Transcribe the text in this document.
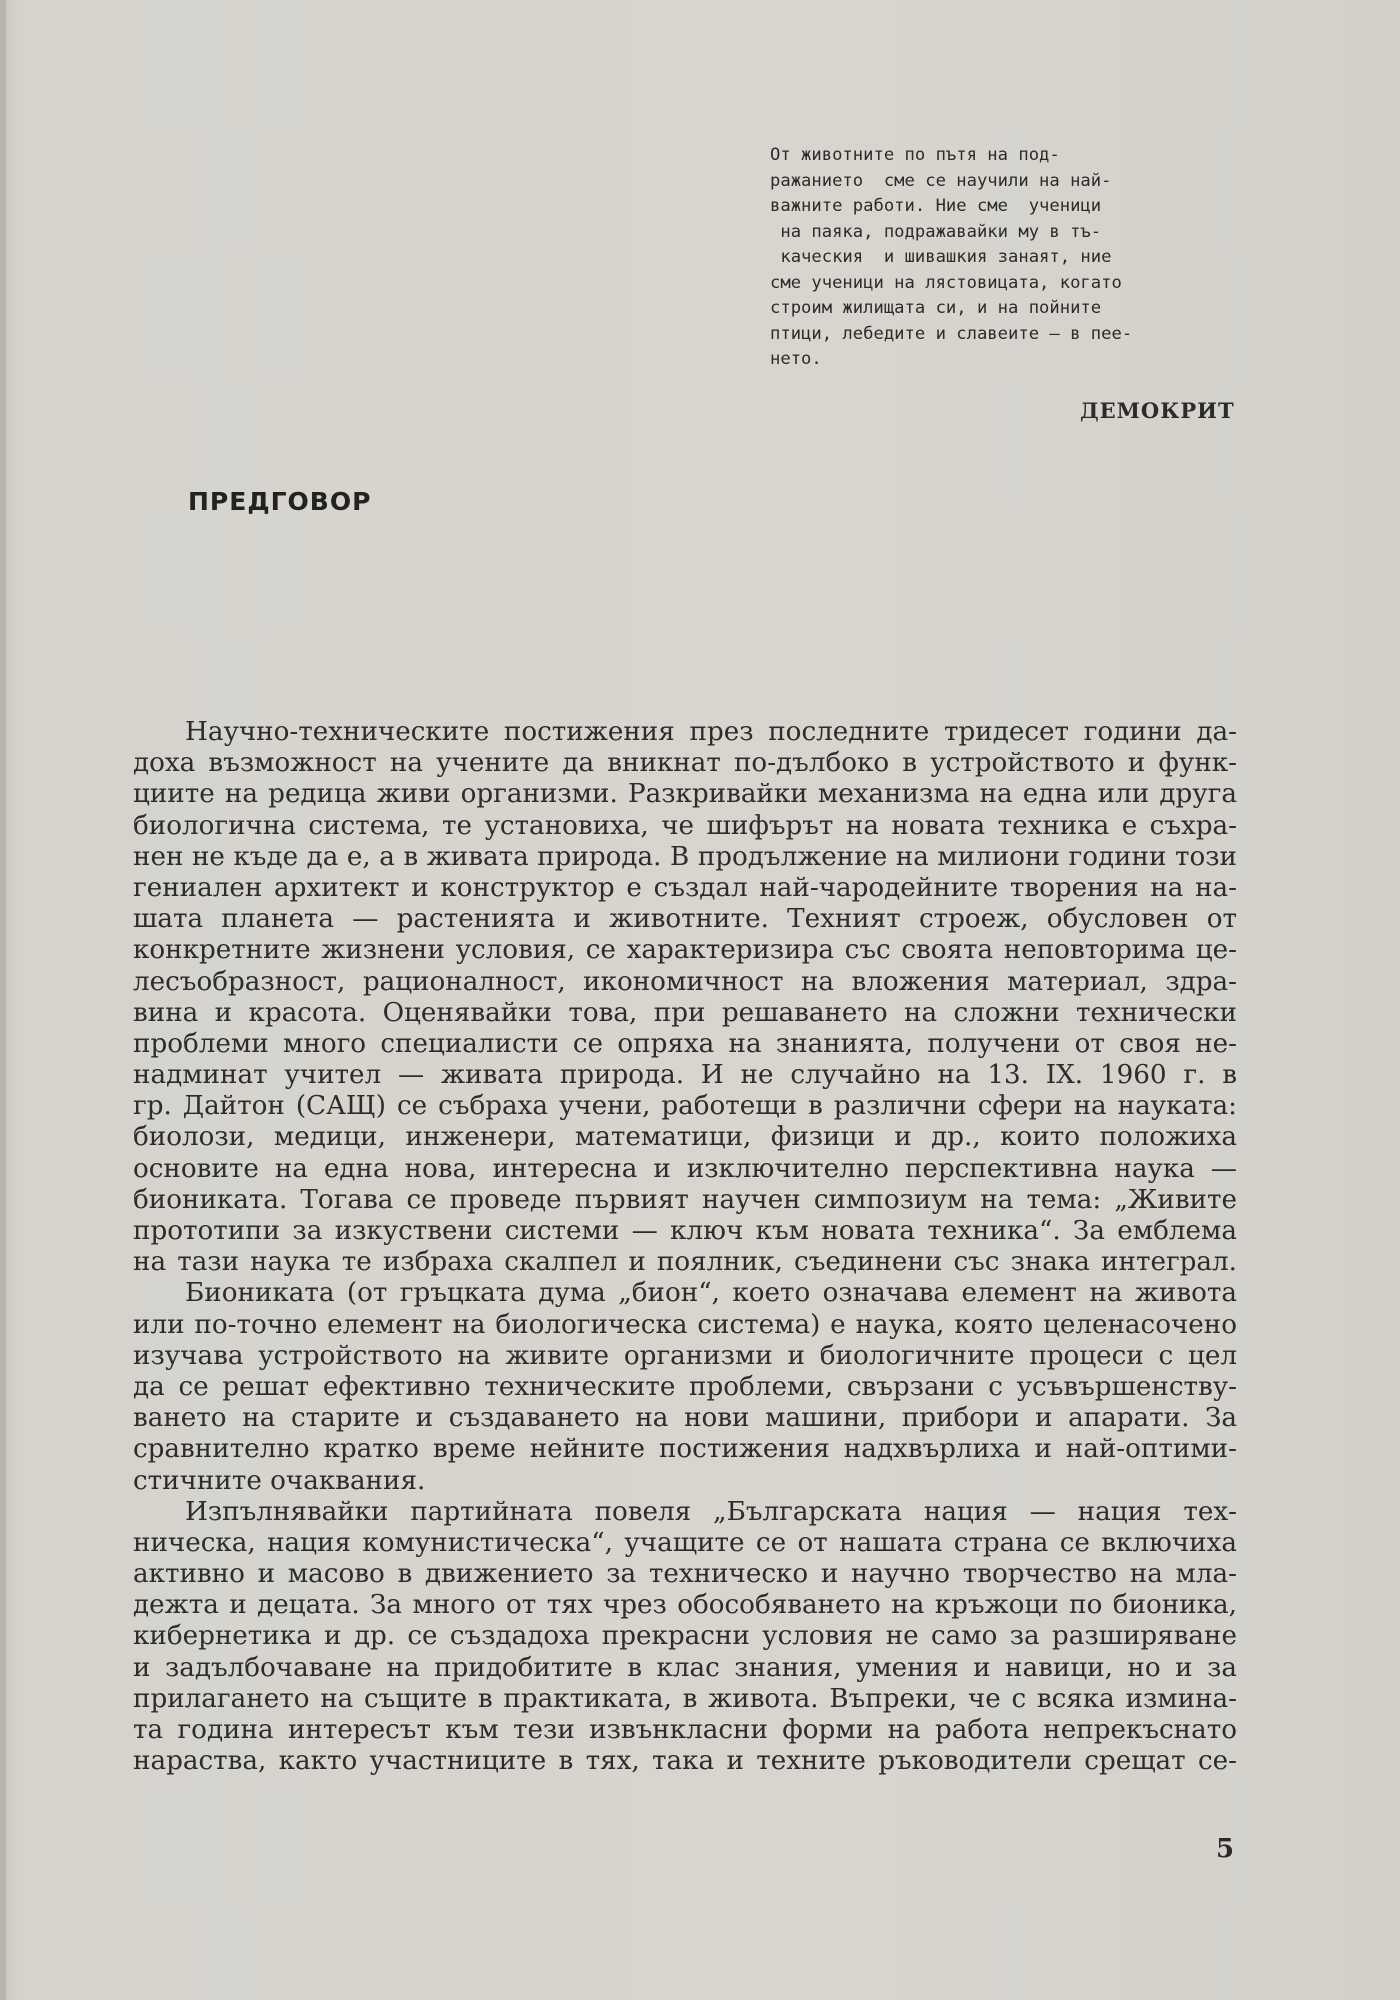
От животните по пътя на под-
ражанието  сме се научили на най-
важните работи. Ние сме  ученици
на паяка, подражавайки му в тъ-
каческия  и шивашкия занаят, ние
сме ученици на лястовицата, когато
строим жилищата си, и на пойните
птици, лебедите и славеите — в пее-
нето.
ДЕМОКРИТ
ПРЕДГОВОР
Научно-техническите постижения през последните тридесет години да-
доха възможност на учените да вникнат по-дълбоко в устройството и функ-
циите на редица живи организми. Разкривайки механизма на една или друга
биологична система, те установиха, че шифърът на новата техника е съхра-
нен не къде да е, а в живата природа. В продължение на милиони години този
гениален архитект и конструктор е създал най-чародейните творения на на-
шата планета — растенията и животните. Техният строеж, обусловен от
конкретните жизнени условия, се характеризира със своята неповторима це-
лесъобразност, рационалност, икономичност на вложения материал, здра-
вина и красота. Оценявайки това, при решаването на сложни технически
проблеми много специалисти се опряха на знанията, получени от своя не-
надминат учител — живата природа. И не случайно на 13. IX. 1960 г. в
гр. Дайтон (САЩ) се събраха учени, работещи в различни сфери на науката:
биолози, медици, инженери, математици, физици и др., които положиха
основите на една нова, интересна и изключително перспективна наука —
биониката. Тогава се проведе първият научен симпозиум на тема: „Живите
прототипи за изкуствени системи — ключ към новата техника“. За емблема
на тази наука те избраха скалпел и поялник, съединени със знака интеграл.
Биониката (от гръцката дума „бион“, което означава елемент на живота
или по-точно елемент на биологическа система) е наука, която целенасочено
изучава устройството на живите организми и биологичните процеси с цел
да се решат ефективно техническите проблеми, свързани с усъвършенству-
ването на старите и създаването на нови машини, прибори и апарати. За
сравнително кратко време нейните постижения надхвърлиха и най-оптими-
стичните очаквания.
Изпълнявайки партийната повеля „Българската нация — нация тех-
ническа, нация комунистическа“, учащите се от нашата страна се включиха
активно и масово в движението за техническо и научно творчество на мла-
дежта и децата. За много от тях чрез обособяването на кръжоци по бионика,
кибернетика и др. се създадоха прекрасни условия не само за разширяване
и задълбочаване на придобитите в клас знания, умения и навици, но и за
прилагането на същите в практиката, в живота. Въпреки, че с всяка измина-
та година интересът към тези извънкласни форми на работа непрекъснато
нараства, както участниците в тях, така и техните ръководители срещат се-
5
